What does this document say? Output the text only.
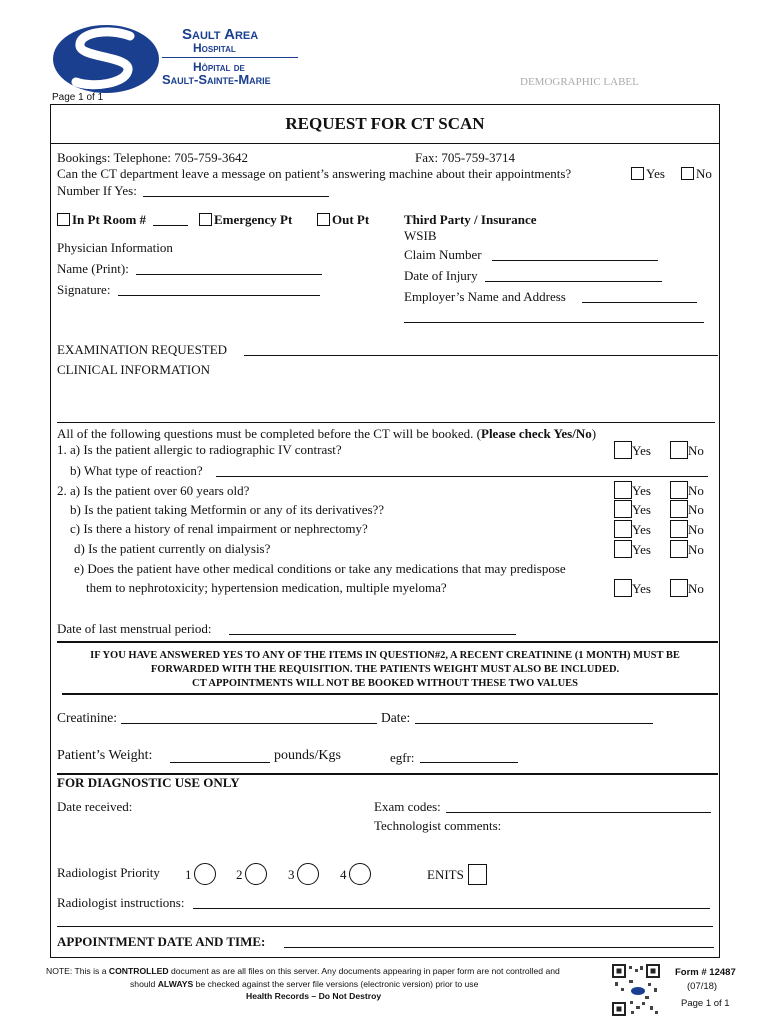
Sault Area
Hospital
Hôpital de
Sault-Sainte-Marie	DEMOGRAPHIC LABEL
Page 1 of 1
REQUEST FOR CT SCAN
Bookings: Telephone: 705-759-3642	Fax: 705-759-3714
Can the CT department leave a message on patient’s answering machine about their appointments?	Yes	No
Number If Yes:
In Pt Room #	Emergency Pt	Out Pt
Physician Information
Name (Print):
Signature:
Third Party / Insurance
WSIB
Claim Number
Date of Injury
Employer’s Name and Address
EXAMINATION REQUESTED
CLINICAL INFORMATION
All of the following questions must be completed before the CT will be booked. (Please check Yes/No)
1. a) Is the patient allergic to radiographic IV contrast?	Yes	No
b) What type of reaction?
2. a) Is the patient over 60 years old?	Yes	No
b) Is the patient taking Metformin or any of its derivatives??	Yes	No
c) Is there a history of renal impairment or nephrectomy?	Yes	No
d) Is the patient currently on dialysis?	Yes	No
e) Does the patient have other medical conditions or take any medications that may predispose
them to nephrotoxicity; hypertension medication, multiple myeloma?	Yes	No
Date of last menstrual period:
IF YOU HAVE ANSWERED YES TO ANY OF THE ITEMS IN QUESTION#2, A RECENT CREATININE (1 MONTH) MUST BE
FORWARDED WITH THE REQUISITION. THE PATIENTS WEIGHT MUST ALSO BE INCLUDED.
CT APPOINTMENTS WILL NOT BE BOOKED WITHOUT THESE TWO VALUES
Creatinine:	Date:
Patient’s Weight:	pounds/Kgs	egfr:
FOR DIAGNOSTIC USE ONLY
Date received:	Exam codes:
Technologist comments:
Radiologist Priority 1	2	3	4	ENITS
Radiologist instructions:
APPOINTMENT DATE AND TIME:
NOTE: This is a CONTROLLED document as are all files on this server. Any documents appearing in paper form are not controlled and
should ALWAYS be checked against the server file versions (electronic version) prior to use
Health Records – Do Not Destroy
Form # 12487
(07/18)
Page 1 of 1
